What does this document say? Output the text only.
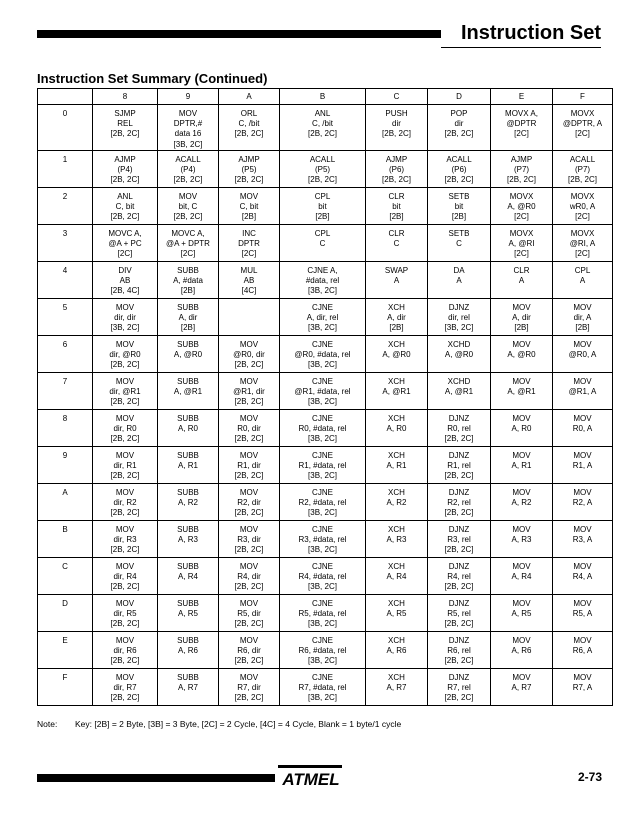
Instruction Set
Instruction Set Summary (Continued)
	8	9	A	B	C	D	E	F
0	SJMP
REL
[2B, 2C]	MOV
DPTR,#
data 16
[3B, 2C]	ORL
C, /bit
[2B, 2C]	ANL
C, /bit
[2B, 2C]	PUSH
dir
[2B, 2C]	POP
dir
[2B, 2C]	MOVX A,
@DPTR
[2C]	MOVX
@DPTR, A
[2C]

1	AJMP
(P4)
[2B, 2C]	ACALL
(P4)
[2B, 2C]	AJMP
(P5)
[2B, 2C]	ACALL
(P5)
[2B, 2C]	AJMP
(P6)
[2B, 2C]	ACALL
(P6)
[2B, 2C]	AJMP
(P7)
[2B, 2C]	ACALL
(P7)
[2B, 2C]

2	ANL
C, bit
[2B, 2C]	MOV
bit, C
[2B, 2C]	MOV
C, bit
[2B]	CPL
bit
[2B]	CLR
bit
[2B]	SETB
bit
[2B]	MOVX
A, @R0
[2C]	MOVX
wR0, A
[2C]

3	MOVC A,
@A + PC
[2C]	MOVC A,
@A + DPTR
[2C]	INC
DPTR
[2C]	CPL
C	CLR
C	SETB
C	MOVX
A, @RI
[2C]	MOVX
@RI, A
[2C]

4	DIV
AB
[2B, 4C]	SUBB
A, #data
[2B]	MUL
AB
[4C]	CJNE A,
#data, rel
[3B, 2C]	SWAP
A	DA
A	CLR
A	CPL
A

5	MOV
dir, dir
[3B, 2C]	SUBB
A, dir
[2B]		CJNE
A, dir, rel
[3B, 2C]	XCH
A, dir
[2B]	DJNZ
dir, rel
[3B, 2C]	MOV
A, dir
[2B]	MOV
dir, A
[2B]

6	MOV
dir, @R0
[2B, 2C]	SUBB
A, @R0	MOV
@R0, dir
[2B, 2C]	CJNE
@R0, #data, rel
[3B, 2C]	XCH
A, @R0	XCHD
A, @R0	MOV
A, @R0	MOV
@R0, A

7	MOV
dir, @R1
[2B, 2C]	SUBB
A, @R1	MOV
@R1, dir
[2B, 2C]	CJNE
@R1, #data, rel
[3B, 2C]	XCH
A, @R1	XCHD
A, @R1	MOV
A, @R1	MOV
@R1, A

8	MOV
dir, R0
[2B, 2C]	SUBB
A, R0	MOV
R0, dir
[2B, 2C]	CJNE
R0, #data, rel
[3B, 2C]	XCH
A, R0	DJNZ
R0, rel
[2B, 2C]	MOV
A, R0	MOV
R0, A

9	MOV
dir, R1
[2B, 2C]	SUBB
A, R1	MOV
R1, dir
[2B, 2C]	CJNE
R1, #data, rel
[3B, 2C]	XCH
A, R1	DJNZ
R1, rel
[2B, 2C]	MOV
A, R1	MOV
R1, A

A	MOV
dir, R2
[2B, 2C]	SUBB
A, R2	MOV
R2, dir
[2B, 2C]	CJNE
R2, #data, rel
[3B, 2C]	XCH
A, R2	DJNZ
R2, rel
[2B, 2C]	MOV
A, R2	MOV
R2, A

B	MOV
dir, R3
[2B, 2C]	SUBB
A, R3	MOV
R3, dir
[2B, 2C]	CJNE
R3, #data, rel
[3B, 2C]	XCH
A, R3	DJNZ
R3, rel
[2B, 2C]	MOV
A, R3	MOV
R3, A

C	MOV
dir, R4
[2B, 2C]	SUBB
A, R4	MOV
R4, dir
[2B, 2C]	CJNE
R4, #data, rel
[3B, 2C]	XCH
A, R4	DJNZ
R4, rel
[2B, 2C]	MOV
A, R4	MOV
R4, A

D	MOV
dir, R5
[2B, 2C]	SUBB
A, R5	MOV
R5, dir
[2B, 2C]	CJNE
R5, #data, rel
[3B, 2C]	XCH
A, R5	DJNZ
R5, rel
[2B, 2C]	MOV
A, R5	MOV
R5, A

E	MOV
dir, R6
[2B, 2C]	SUBB
A, R6	MOV
R6, dir
[2B, 2C]	CJNE
R6, #data, rel
[3B, 2C]	XCH
A, R6	DJNZ
R6, rel
[2B, 2C]	MOV
A, R6	MOV
R6, A

F	MOV
dir, R7
[2B, 2C]	SUBB
A, R7	MOV
R7, dir
[2B, 2C]	CJNE
R7, #data, rel
[3B, 2C]	XCH
A, R7	DJNZ
R7, rel
[2B, 2C]	MOV
A, R7	MOV
R7, A
Note: Key: [2B] = 2 Byte, [3B] = 3 Byte, [2C] = 2 Cycle, [4C] = 4 Cycle, Blank = 1 byte/1 cycle
ATMEL	2-73
